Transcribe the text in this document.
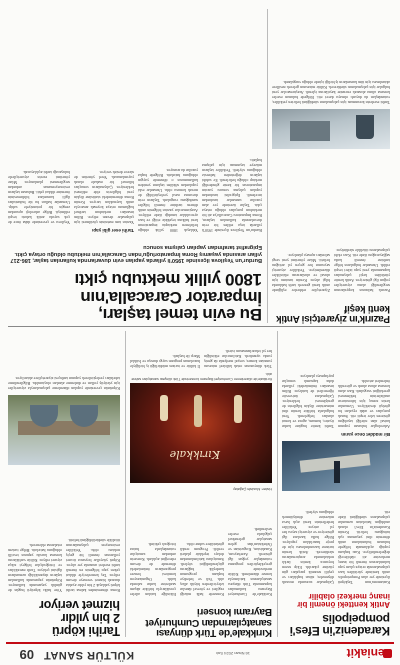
Yeniakit
16 Nisan 2024 Salı
KÜLTÜR SANAT
09
Karadeniz'in Efes'i pompeipolis
Antik kentteki önemli bir inanç merkezi olabilir
Kastamonu'nun Taşköprü ilçesinde yer alan Pompeiopolis antik kentinde yürütülen kazı çalışmalarında ortaya çıkan yapı kalıntılarının önemli bir inanç merkezine ait olabileceği değerlendiriliyor. Kazı başkanı yaptığı açıklamada bölgede bulunan buluntuların antik dönemin dini yaşamına ışık tuttuğunu belirtti. Kentin Karadeniz'in Efes'i olarak anıldığını hatırlatan uzmanlar çalışmaların sürdüğünü ifade etti.
Çalışmalar sırasında mozaik döşemeler, sütun başlıkları ve çeşitli seramik parçaları gün yüzüne çıkarıldı. Ekip sezon boyunca kentin farklı noktalarında araştırmalarını sürdürecek. Antik kentin turizme kazandırılması için de proje hazırlıkları yapılıyor. Bölge halkı kazılara ilgi gösteriyor ve ziyaretçi sayısı her yıl artıyor. Yetkililer hedeflerinin kenti açık hava müzesine dönüştürmek olduğunu söyledi.
Bir müddet önce yarım
Arkeologlar bulunan yapının kutsal alan niteliği taşıdığını gösteren izler tespit etti. Sunak parçaları ve adak eşyaları bu görüşü destekliyor. Uzmanlar kesin sonuç için laboratuvar analizlerinin beklenmesi gerektiğini vurguladı. Kazı alanı koruma altına alındı ve güvenlik önlemleri artırıldı.
Tarihi kentte bugüne kadar tiyatro, hamam, agora ve konut alanları belgelendi. Yeni bulgularla birlikte kentin dini mimarisine ilişkin bilgilerin de genişlemesi bekleniyor. Çalışmalara üniversite öğrencileri de katılıyor. Bilim insanları önümüzdeki yıllarda daha kapsamlı sonuçlar paylaşmayı planlıyor.
Kırıkkale'de Türk dünyası
sanatçılarından Cumhuriyet
Bayramı konseri
Kırıkkale'de Cumhuriyet Bayramı kutlamaları kapsamında Türk dünyası sanatçılarının katılımıyla konser düzenlendi. Kültür merkezinde gerçekleştirilen programa vatandaşlar yoğun ilgi gösterdi. Azerbaycan, Kazakistan, Kırgızistan ve Özbekistan'dan gelen sanatçılar geleneksel çalgılarla eserler seslendirdi.
Konserde halk müziği ezgileri ve yöresel danslar izleyicilerden büyük alkış aldı. Vali ve belediye başkanı programın kardeşlik bağlarını güçlendirdiğini söyledi. Sanatçılara katılımlarından dolayı teşekkür plaketi verildi. Program renkli görüntülere sahne oldu.
Etkinliğe katılan aileler çocuklarıyla birlikte akşam saatlerine kadar salonda kaldı. Organizasyon komitesi benzer programların önümüzdeki dönemde de devam edeceğini açıkladı. Konserin ardından sanatçılar vatandaşlarla hatıra fotoğrafı çektirdi.
Haber: Mustafa Çağatay
Kırıkkale
Kırıkkale'de düzenlenen Cumhuriyet Bayramı konserinde Türk dünyası sanatçıları sahne aldı.
Türk dünyasının ortak kültürel mirasını yansıtan konser, sosyal medyada da geniş yankı uyandırdı. Katılımcılar etkinliğin her yıl tekrarlanmasını istedi.
İl kültür ve turizm müdürlüğü iş birliğiyle hazırlanan program saygı duruşu ve İstiklal Marşı ile başladı.
Tarihi köprü
2 bin yıldır
hizmet veriyor
Roma döneminden kalma tarihi köprü yaklaşık 2 bin yıldır ayakta durarak hizmet vermeye devam ediyor. Taş kemerleriyle dikkat çeken yapı bölgenin en önemli tarihi eserleri arasında yer alıyor. Köprü yüzyıllar boyunca ticaret yollarının önemli bir geçiş noktası oldu. Yetkililer restorasyon çalışmalarının titizlikle sürdürüldüğünü belirtti.
Yöre halkı köprüyü bugün de günlük yaşamında kullanıyor. Köprünün yapımında kullanılan taşların dayanıklılığı uzmanların ilgisini çekiyor. Tarih meraklıları ve fotoğrafçılar bölgeyi sıkça ziyaret ediyor. Kültür varlıklarını koruma kurulu yapının tescilli olduğunu hatırlattı. Bölge turizm rotalarına eklenecek.
Köprünün çevresinde yapılan düzenleme çalışmalarıyla ziyaretçiler için yürüyüş yolları ve dinlenme alanları oluşturuldu. Bilgilendirme tabelaları yerleştirilerek yapının tarihçesi ziyaretçilere aktarılıyor.
Pazırık'ın ziyaretçisi Antik kenti keşif
Pazırık halısının kopyalarının sergilendiği alana ziyaretçiler yoğun ilgi gösteriyor. Antik kentte yürütülen keşif çalışmaları kapsamında yeni yapı izleri tespit edildi. Uzmanlar bulguların bölge tarihine önemli katkı sağlayacağını ifade etti. Kazı ekibi çalışmalarını titizlikle sürdürüyor.
Ziyaretçiler rehberler eşliğinde antik kenti gezerek tarih hakkında bilgi alıyor. Kentin tanıtımı için ulusal ve uluslararası etkinlikler düzenleniyor. Yetkililer ziyaretçi sayısının her geçen yıl arttığını belirtti. Müze yönetimi yeni sergi salonları açmayı planlıyor.
Tarihi eserlerin korunması için çalışmaların sürdüğünü belirten yetkililer, vatandaşları da duyarlı olmaya davet etti. Bölgede bulunan eserler koruma altına alınarak envanter kayıtlarına işlendi. Araştırmacılar yeni bulgular için çalışmalarını sürdürecek. Kültür mirasının gelecek nesillere aktarılması için tüm kurumların iş birliği içinde olduğu vurgulandı.
Bu evin temel taşları,
İmparator Caracalla'nın
1800 yıllık mektubu çıktı
Burdur'un Yeşilova ilçesinde 1950'li yıllarda yapılan evin duvarlarında kullanılan taşlar, 186-217 yılları arasında yaşamış Roma İmparatorluğu'ndan Caracalla'nın mektubu olduğu ortaya çıktı. Epigrafist tarafından yapılan çalışma sonucu
Burdur'un Yeşilova ilçesinde 1950'li yıllarda inşa edilen bir evin duvarlarında kullanılan taşların, Roma İmparatoru Caracalla'ya ait bir mektubun parçaları olduğu ortaya çıktı. Taşlar üzerinde yer alan yazıtlar uzmanlar tarafından incelendi. Epigrafist tarafından yapılan çalışma sonucu yazıtın imparatorun bir kente gönderdiği mektup olduğu belirlendi. Ev sahibi taşların değerinden habersiz olduğunu söyledi. Yetkililer taşların müzeye taşınması için çalışma başlattı.
Yaklaşık 1800 yıllık olduğu belirlenen mektupta imparatorun kent halkına teşekkür ettiği ve bazı ayrıcalıklar tanıdığı ifade ediliyor. Araştırmacılar yazıtın bölgenin antik dönem tarihine önemli bilgiler sunduğunu vurguladı. Taşların evin duvarına nasıl yerleştirildiği de merak konusu oldu. Uzmanlar eski yapılardan sökülen taşların yeniden kullanımının o dönemde yaygın olduğunu hatırlattı. Bölgede başka yazıtlar da aranıyor.
Tarihi eser gibi yapı
Yazıtın tam metninin çözülmesi için çalışmalar devam ediyor. Bilim insanları mektubun tarihsel bağlamını ortaya koymak amacıyla antik kaynakları tarıyor. Kentin Roma dönemindeki statüsüne ilişkin yeni bilgilerin elde edilmesi bekleniyor. Çalışmaların sonuçları bilimsel bir makale olarak yayımlanacak. Yerel yönetim de sürece destek veriyor.
Yeşilova ve çevresinde daha önce de çok sayıda antik kalıntı tespit edilmişti. Bölge arkeoloji açısından zengin bir potansiyele sahip. Uzmanlar halkın bu tür buluntuları ilgili kurumlara bildirmesinin önemine dikkat çekti. Bulunan taşların restorasyonunun ardından sergilenmesi planlanıyor. Müze yönetimi eserin ziyaretçilerle buluşacağı tarihi açıklayacak.
